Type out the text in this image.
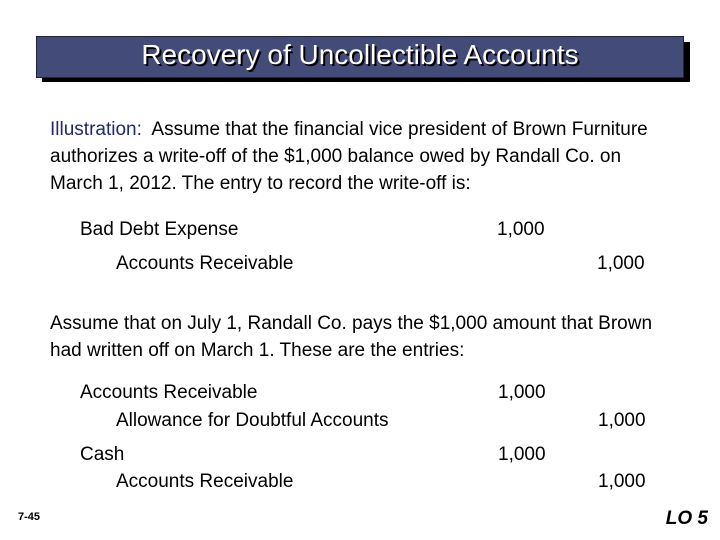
Recovery of Uncollectible Accounts
Illustration: Assume that the financial vice president of Brown Furniture authorizes a write-off of the $1,000 balance owed by Randall Co. on March 1, 2012. The entry to record the write-off is:
Bad Debt Expense	1,000
Accounts Receivable	1,000
Assume that on July 1, Randall Co. pays the $1,000 amount that Brown had written off on March 1. These are the entries:
Accounts Receivable	1,000
Allowance for Doubtful Accounts	1,000
Cash	1,000
Accounts Receivable	1,000
7-45	LO 5
